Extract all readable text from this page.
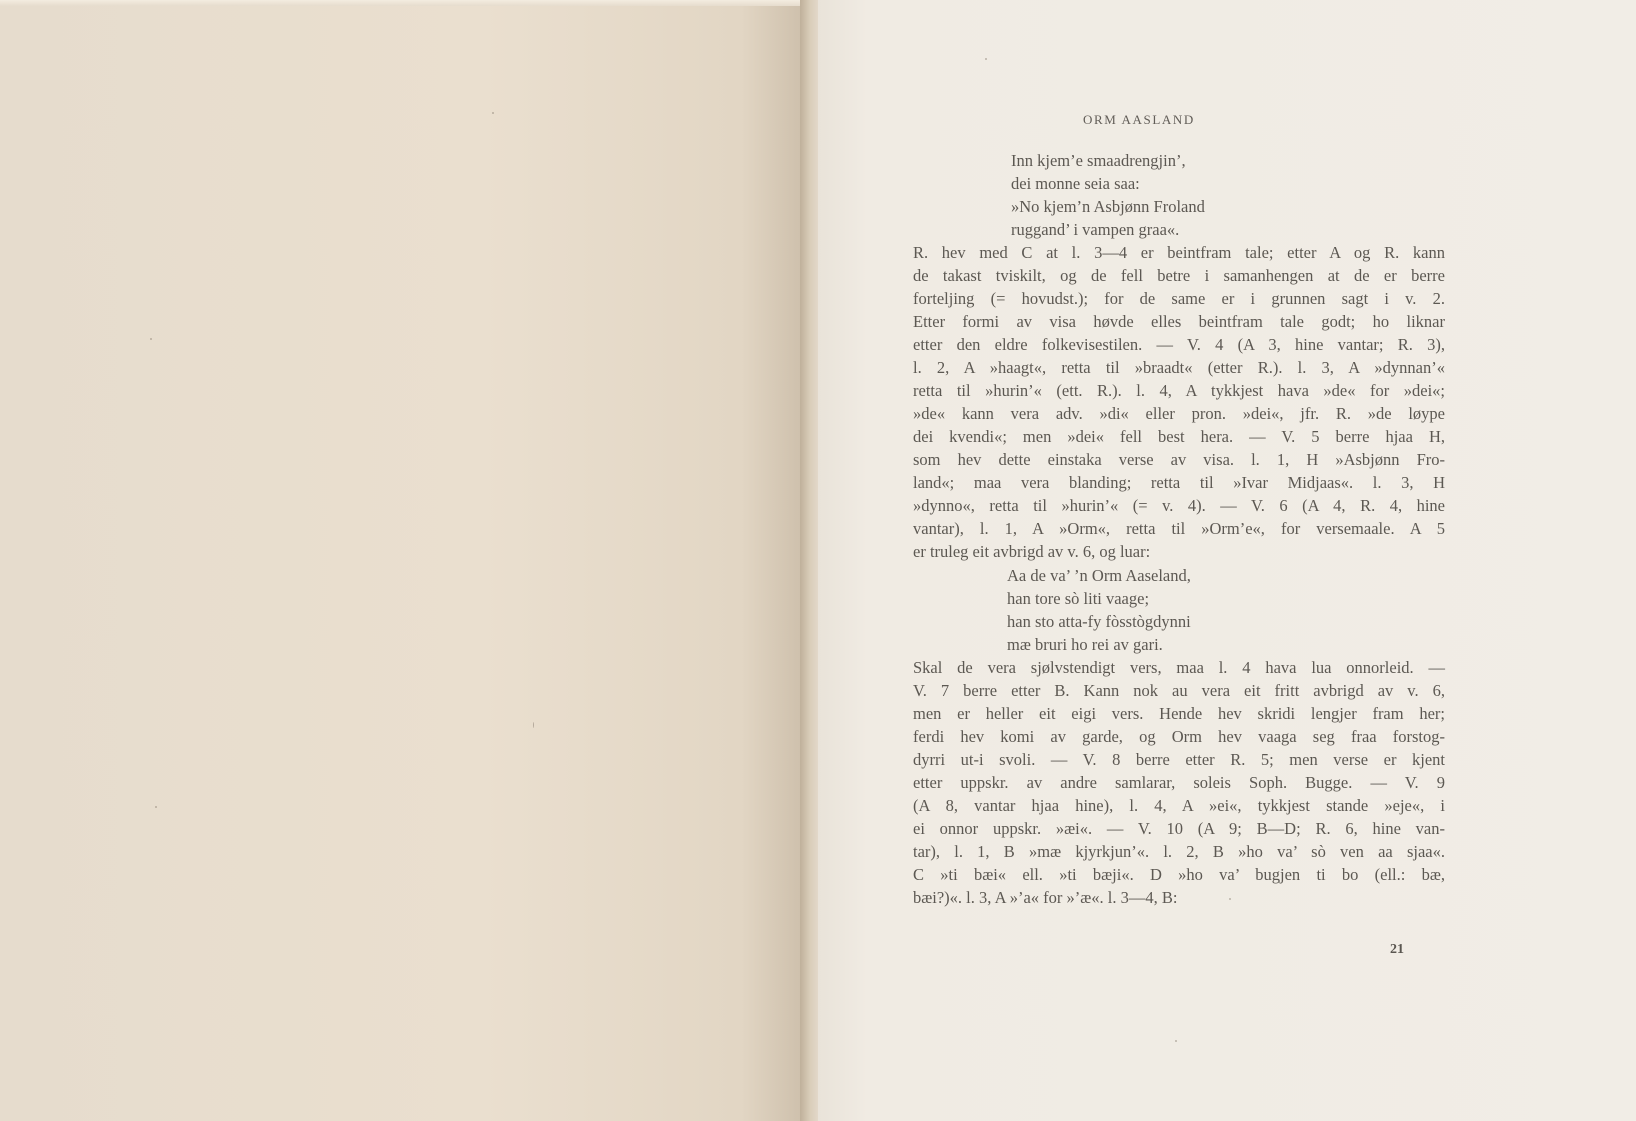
ORM AASLAND

Inn kjem’e smaadrengjin’,

dei monne seia saa:

»No kjem’n Asbjønn Froland

ruggand’ i vampen graa«.

R. hev med C at l. 3—4 er beintfram tale; etter A og R. kann

de takast tviskilt, og de fell betre i samanhengen at de er berre

forteljing (= hovudst.); for de same er i grunnen sagt i v. 2.

Etter formi av visa høvde elles beintfram tale godt; ho liknar

etter den eldre folkevisestilen. — V. 4 (A 3, hine vantar; R. 3),

l. 2, A »haagt«, retta til »braadt« (etter R.). l. 3, A »dynnan’«

retta til »hurin’« (ett. R.). l. 4, A tykkjest hava »de« for »dei«;

»de« kann vera adv. »di« eller pron. »dei«, jfr. R. »de løype

dei kvendi«; men »dei« fell best hera. — V. 5 berre hjaa H,

som hev dette einstaka verse av visa. l. 1, H »Asbjønn Fro-

land«; maa vera blanding; retta til »Ivar Midjaas«. l. 3, H

»dynno«, retta til »hurin’« (= v. 4). — V. 6 (A 4, R. 4, hine

vantar), l. 1, A »Orm«, retta til »Orm’e«, for versemaale. A 5

er truleg eit avbrigd av v. 6, og luar:

Aa de va’ ’n Orm Aaseland,

han tore sò liti vaage;

han sto atta-fy fòsstògdynni

mæ bruri ho rei av gari.

Skal de vera sjølvstendigt vers, maa l. 4 hava lua onnorleid. —

V. 7 berre etter B. Kann nok au vera eit fritt avbrigd av v. 6,

men er heller eit eigi vers. Hende hev skridi lengjer fram her;

ferdi hev komi av garde, og Orm hev vaaga seg fraa forstog-

dyrri ut-i svoli. — V. 8 berre etter R. 5; men verse er kjent

etter uppskr. av andre samlarar, soleis Soph. Bugge. — V. 9

(A 8, vantar hjaa hine), l. 4, A »ei«, tykkjest stande »eje«, i

ei onnor uppskr. »æi«. — V. 10 (A 9; B—D; R. 6, hine van-

tar), l. 1, B »mæ kjyrkjun’«. l. 2, B »ho va’ sò ven aa sjaa«.

C »ti bæi« ell. »ti bæji«. D »ho va’ bugjen ti bo (ell.: bæ,

bæi?)«. l. 3, A »’a« for »’æ«. l. 3—4, B:

21
